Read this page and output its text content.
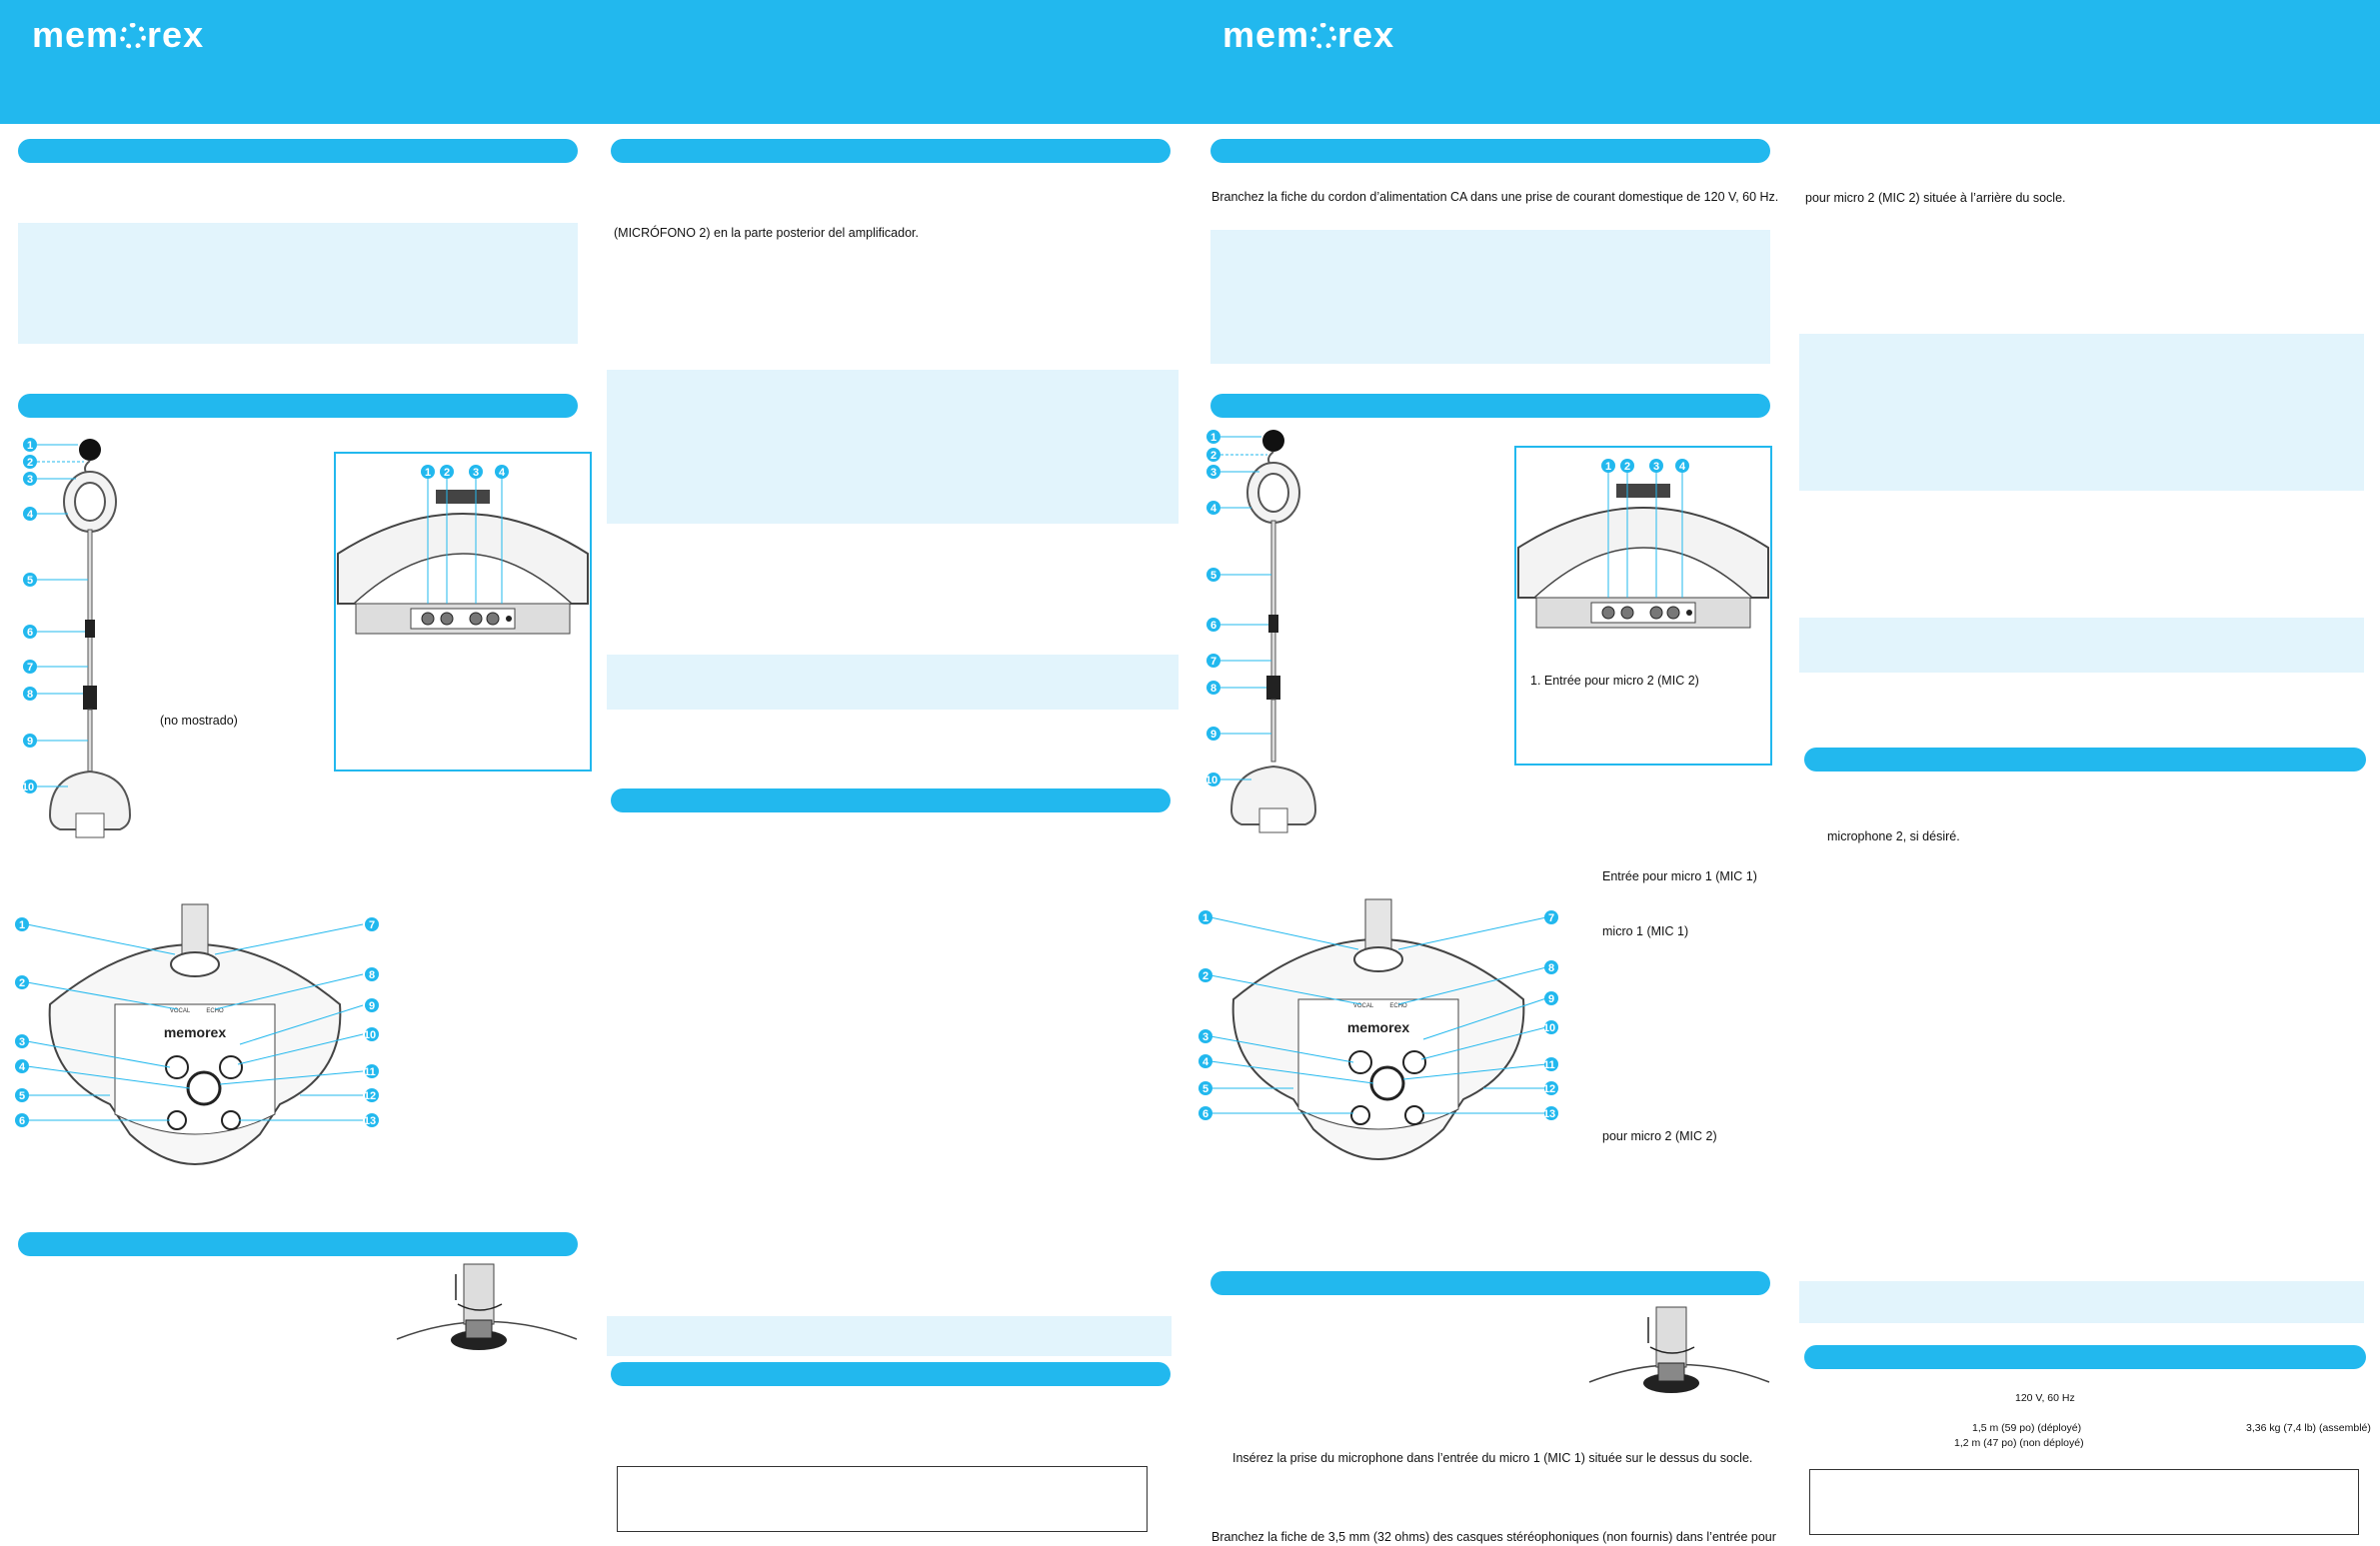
mem rex	mem rex
1
2
3
4
5
6
7
8
9
10
(no mostrado)
1 2 3 4
memorex
VOCAL	ECHO
1
2
3
4
5
6
7
8
9
10
11
12
13
(MICRÓFONO 2) en la parte posterior del amplificador.
Branchez la fiche du cordon d’alimentation CA dans une prise de courant domestique de 120 V, 60 Hz.
1
2
3
4
5
6
7
8
9
10
1 2 3 4
1. Entrée pour micro 2 (MIC 2)
Entrée pour micro 1 (MIC 1)
micro 1 (MIC 1)
pour micro 2 (MIC 2)
memorex
VOCAL	ECHO
1
2
3
4
5
6
7
8
9
10
11
12
13
Insérez la prise du microphone dans l’entrée du micro 1 (MIC 1) située sur le dessus du socle.
Branchez la fiche de 3,5 mm (32 ohms) des casques stéréophoniques (non fournis) dans l’entrée pour
pour micro 2 (MIC 2) située à l’arrière du socle.
microphone 2, si désiré.
120 V, 60 Hz
1,5 m (59 po) (déployé)
1,2 m (47 po) (non déployé)
3,36 kg (7,4 lb) (assemblé)
